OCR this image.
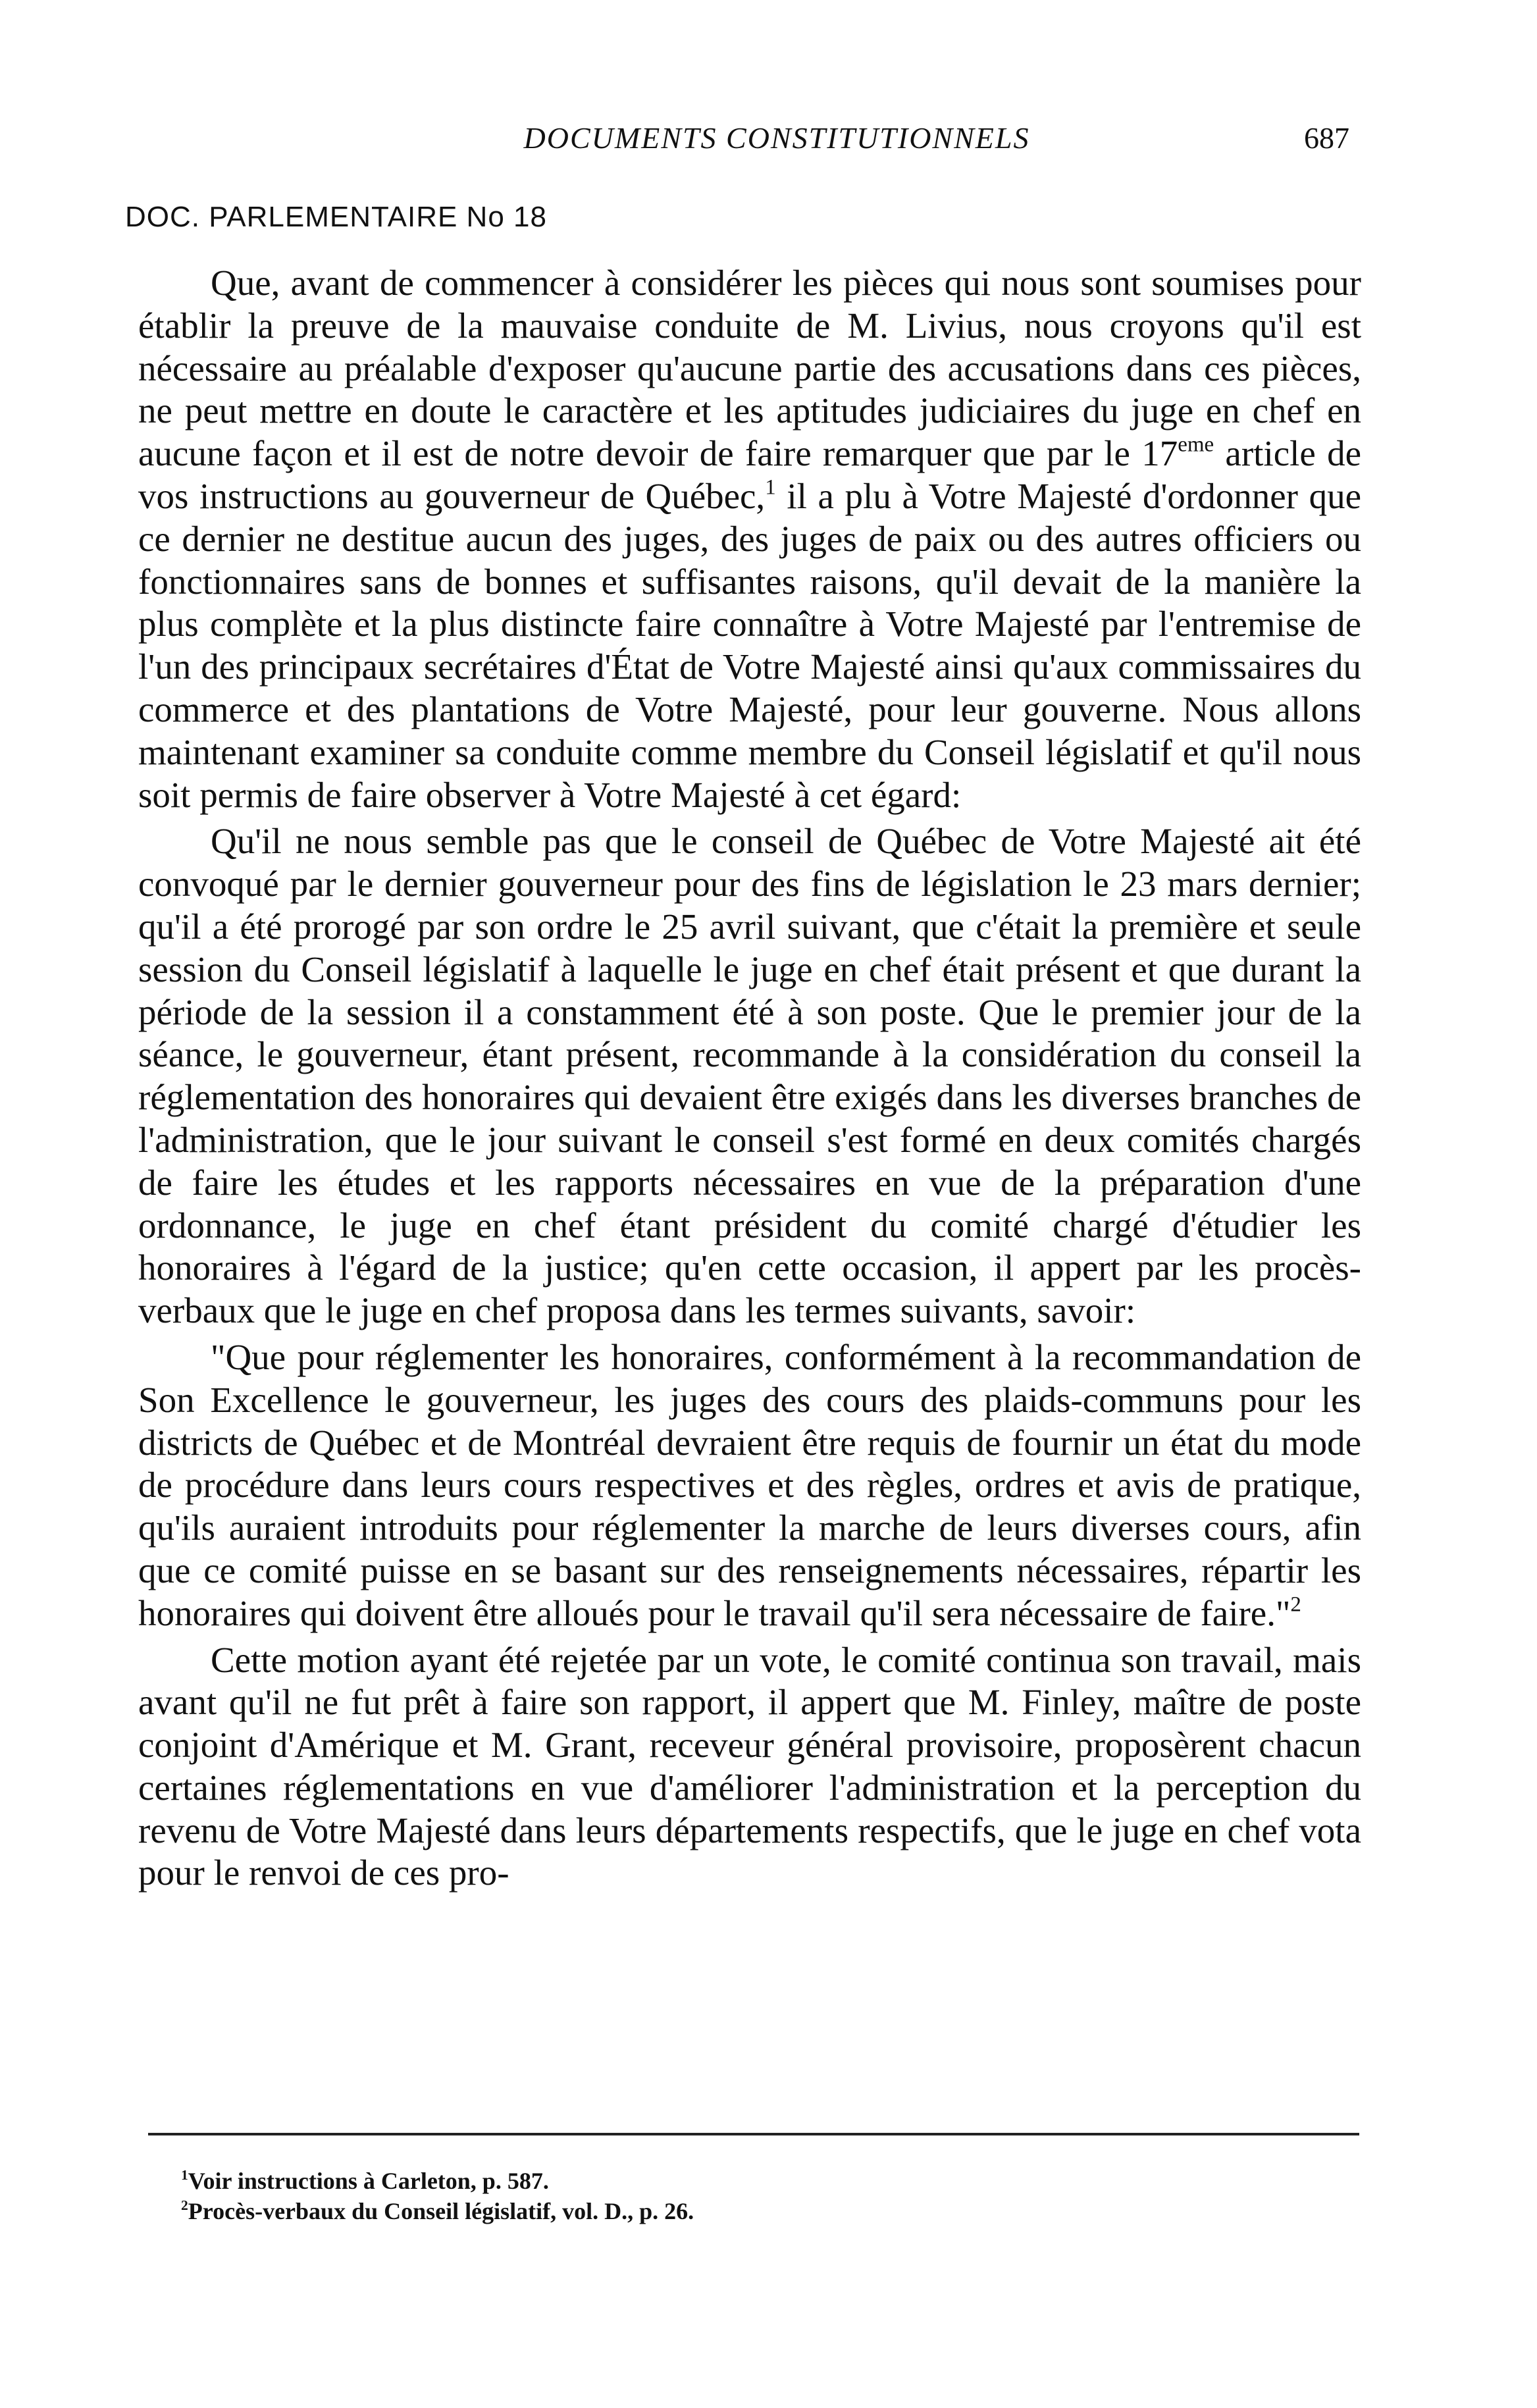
DOCUMENTS CONSTITUTIONNELS	687
DOC. PARLEMENTAIRE No 18

Que, avant de commencer à considérer les pièces qui nous sont soumises pour établir la preuve de la mauvaise conduite de M. Livius, nous croyons qu'il est nécessaire au préalable d'exposer qu'aucune partie des accusations dans ces pièces, ne peut mettre en doute le caractère et les aptitudes judiciaires du juge en chef en aucune façon et il est de notre devoir de faire remarquer que par le 17eme article de vos instructions au gouverneur de Québec,$^1$ il a plu à Votre Majesté d'ordonner que ce dernier ne destitue aucun des juges, des juges de paix ou des autres officiers ou fonctionnaires sans de bonnes et suffisantes raisons, qu'il devait de la manière la plus complète et la plus distincte faire connaître à Votre Majesté par l'entremise de l'un des principaux secrétaires d'État de Votre Majesté ainsi qu'aux commissaires du commerce et des plantations de Votre Majesté, pour leur gouverne. Nous allons maintenant examiner sa conduite comme membre du Conseil législatif et qu'il nous soit permis de faire observer à Votre Majesté à cet égard:

Qu'il ne nous semble pas que le conseil de Québec de Votre Majesté ait été convoqué par le dernier gouverneur pour des fins de législation le 23 mars dernier; qu'il a été prorogé par son ordre le 25 avril suivant, que c'était la première et seule session du Conseil législatif à laquelle le juge en chef était présent et que durant la période de la session il a constamment été à son poste. Que le premier jour de la séance, le gouverneur, étant présent, recommande à la considération du conseil la réglementation des honoraires qui devaient être exigés dans les diverses branches de l'administration, que le jour suivant le conseil s'est formé en deux comités chargés de faire les études et les rapports nécessaires en vue de la préparation d'une ordonnance, le juge en chef étant président du comité chargé d'étudier les honoraires à l'égard de la justice; qu'en cette occasion, il appert par les procès-verbaux que le juge en chef proposa dans les termes suivants, savoir:

"Que pour réglementer les honoraires, conformément à la recommandation de Son Excellence le gouverneur, les juges des cours des plaids-communs pour les districts de Québec et de Montréal devraient être requis de fournir un état du mode de procédure dans leurs cours respectives et des règles, ordres et avis de pratique, qu'ils auraient introduits pour réglementer la marche de leurs diverses cours, afin que ce comité puisse en se basant sur des renseignements nécessaires, répartir les honoraires qui doivent être alloués pour le travail qu'il sera nécessaire de faire."$^2$

Cette motion ayant été rejetée par un vote, le comité continua son travail, mais avant qu'il ne fut prêt à faire son rapport, il appert que M. Finley, maître de poste conjoint d'Amérique et M. Grant, receveur général provisoire, proposèrent chacun certaines réglementations en vue d'améliorer l'administration et la perception du revenu de Votre Majesté dans leurs départements respectifs, que le juge en chef vota pour le renvoi de ces pro-

$^1$Voir instructions à Carleton, p. 587.
$^2$Procès-verbaux du Conseil législatif, vol. D., p. 26.
